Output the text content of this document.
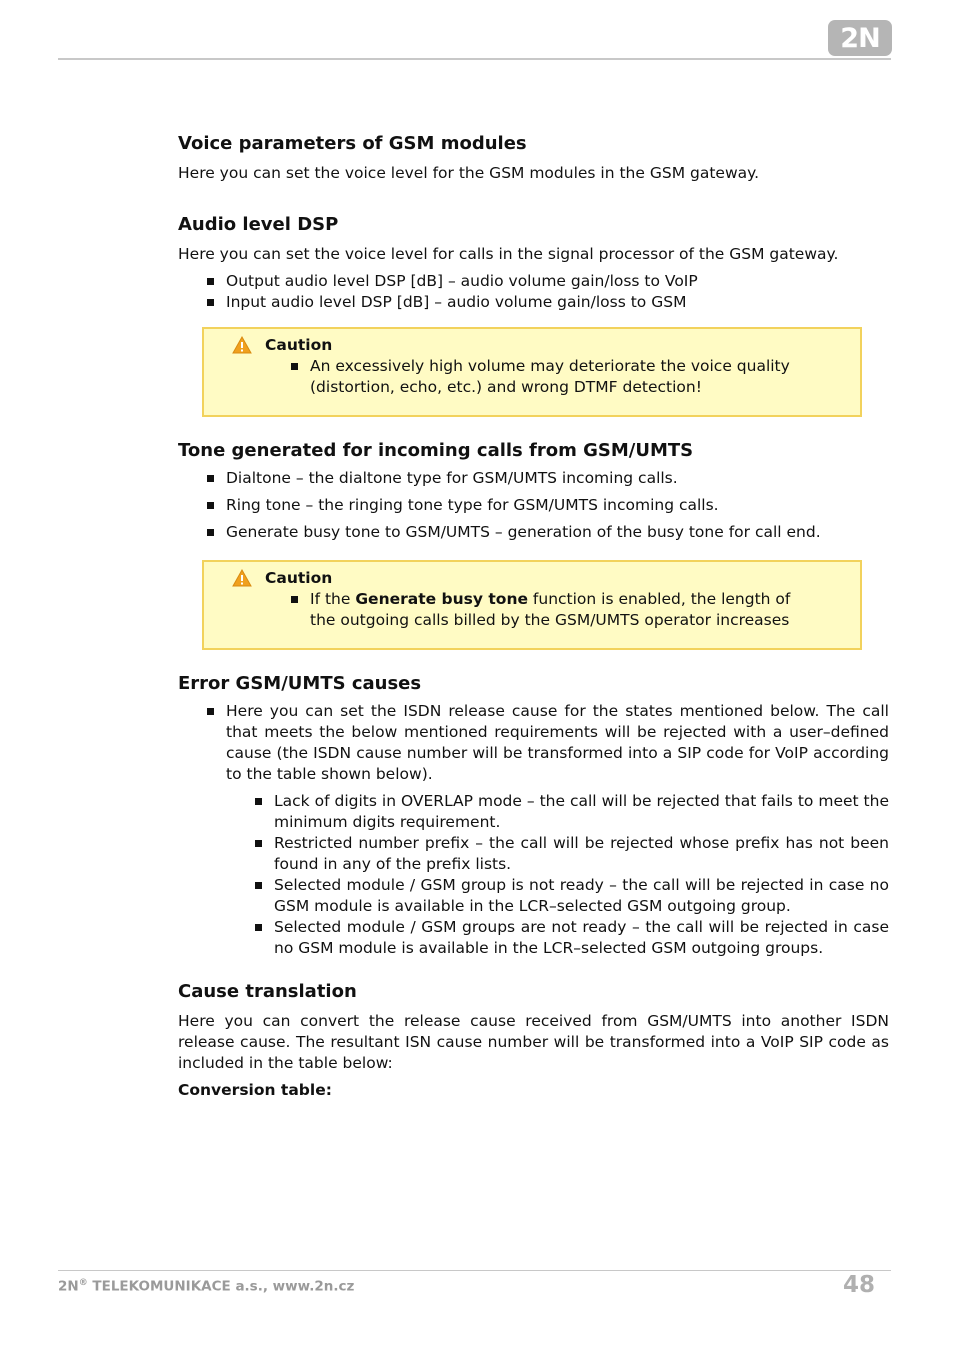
2N
Voice parameters of GSM modules

Here you can set the voice level for the GSM modules in the GSM gateway.

Audio level DSP

Here you can set the voice level for calls in the signal processor of the GSM gateway.

Output audio level DSP [dB] – audio volume gain/loss to VoIP
Input audio level DSP [dB] – audio volume gain/loss to GSM
Caution
An excessively high volume may deteriorate the voice quality (distortion, echo, etc.) and wrong DTMF detection!
Tone generated for incoming calls from GSM/UMTS
Dialtone – the dialtone type for GSM/UMTS incoming calls.
Ring tone – the ringing tone type for GSM/UMTS incoming calls.
Generate busy tone to GSM/UMTS – generation of the busy tone for call end.
Caution
If the Generate busy tone function is enabled, the length of the outgoing calls billed by the GSM/UMTS operator increases
Error GSM/UMTS causes
Here you can set the ISDN release cause for the states mentioned below. The call that meets the below mentioned requirements will be rejected with a user–defined cause (the ISDN cause number will be transformed into a SIP code for VoIP according to the table shown below).
Lack of digits in OVERLAP mode – the call will be rejected that fails to meet the minimum digits requirement.
Restricted number prefix – the call will be rejected whose prefix has not been found in any of the prefix lists.
Selected module / GSM group is not ready – the call will be rejected in case no GSM module is available in the LCR–selected GSM outgoing group.
Selected module / GSM groups are not ready – the call will be rejected in case no GSM module is available in the LCR–selected GSM outgoing groups.
Cause translation

Here you can convert the release cause received from GSM/UMTS into another ISDN release cause. The resultant ISN cause number will be transformed into a VoIP SIP code as included in the table below:

Conversion table:

2N® TELEKOMUNIKACE a.s., www.2n.cz	48
